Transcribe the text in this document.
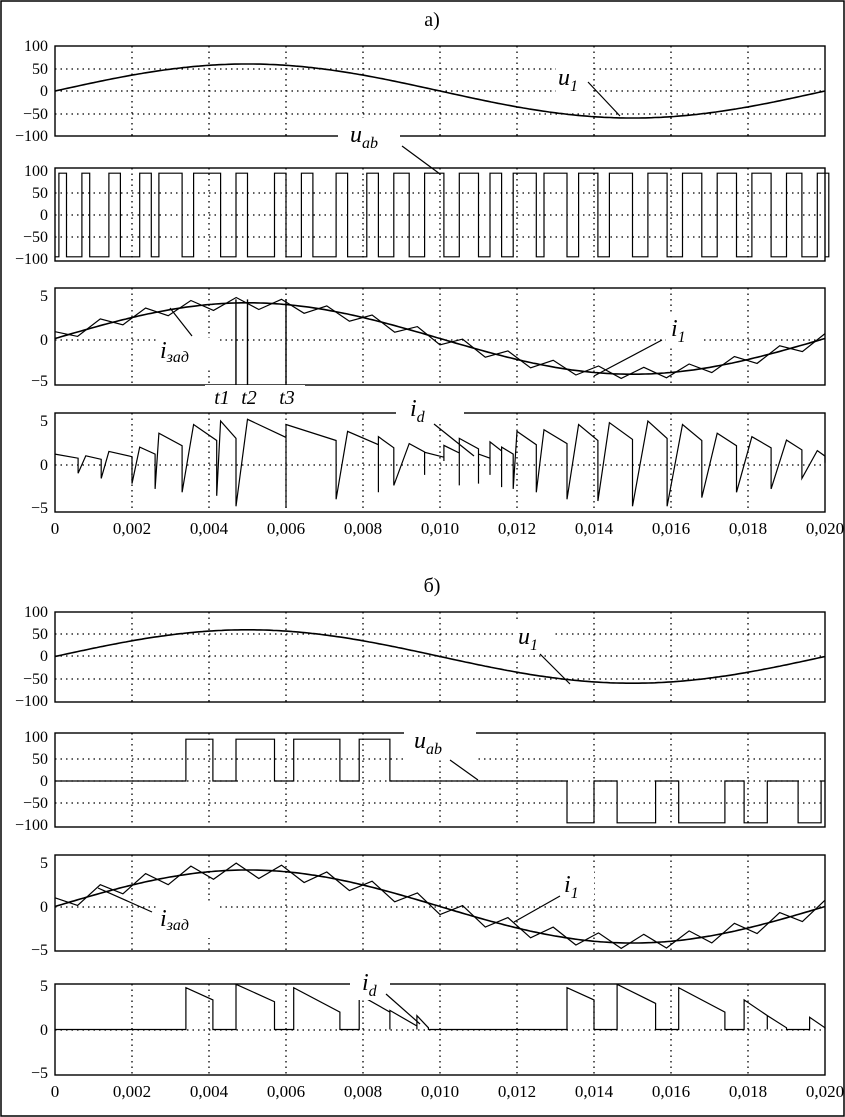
а)
б)
100
50
0
−50
−100
100
50
0
−50
−100
5
0
−5
5
0
−5
0	0,002 0,004 0,006 0,008 0,010 0,012 0,014 0,016 0,018 0,020
100
50
0
−50
−100
100
50
0
−50
−100
5
0
−5
5
0
−5
0	0,002 0,004 0,006 0,008 0,010 0,012 0,014 0,016 0,018 0,020
$u_1$
$u_{ab}$
iзад
$i_1$
t1 t2 t3	$i_d$
$u_1$
$u_{ab}$
$i_1$
iзад
$i_d$
